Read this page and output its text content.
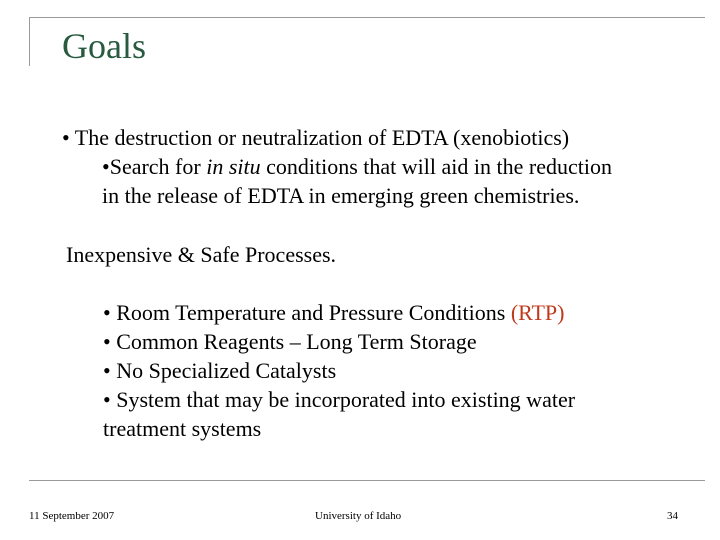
Goals
• The destruction or neutralization of EDTA (xenobiotics)
•Search for in situ conditions that will aid in the reduction
in the release of EDTA in emerging green chemistries.
Inexpensive & Safe Processes.
• Room Temperature and Pressure Conditions (RTP)
• Common Reagents – Long Term Storage
• No Specialized Catalysts
• System that may be incorporated into existing water
treatment systems
11 September 2007	University of Idaho	34
